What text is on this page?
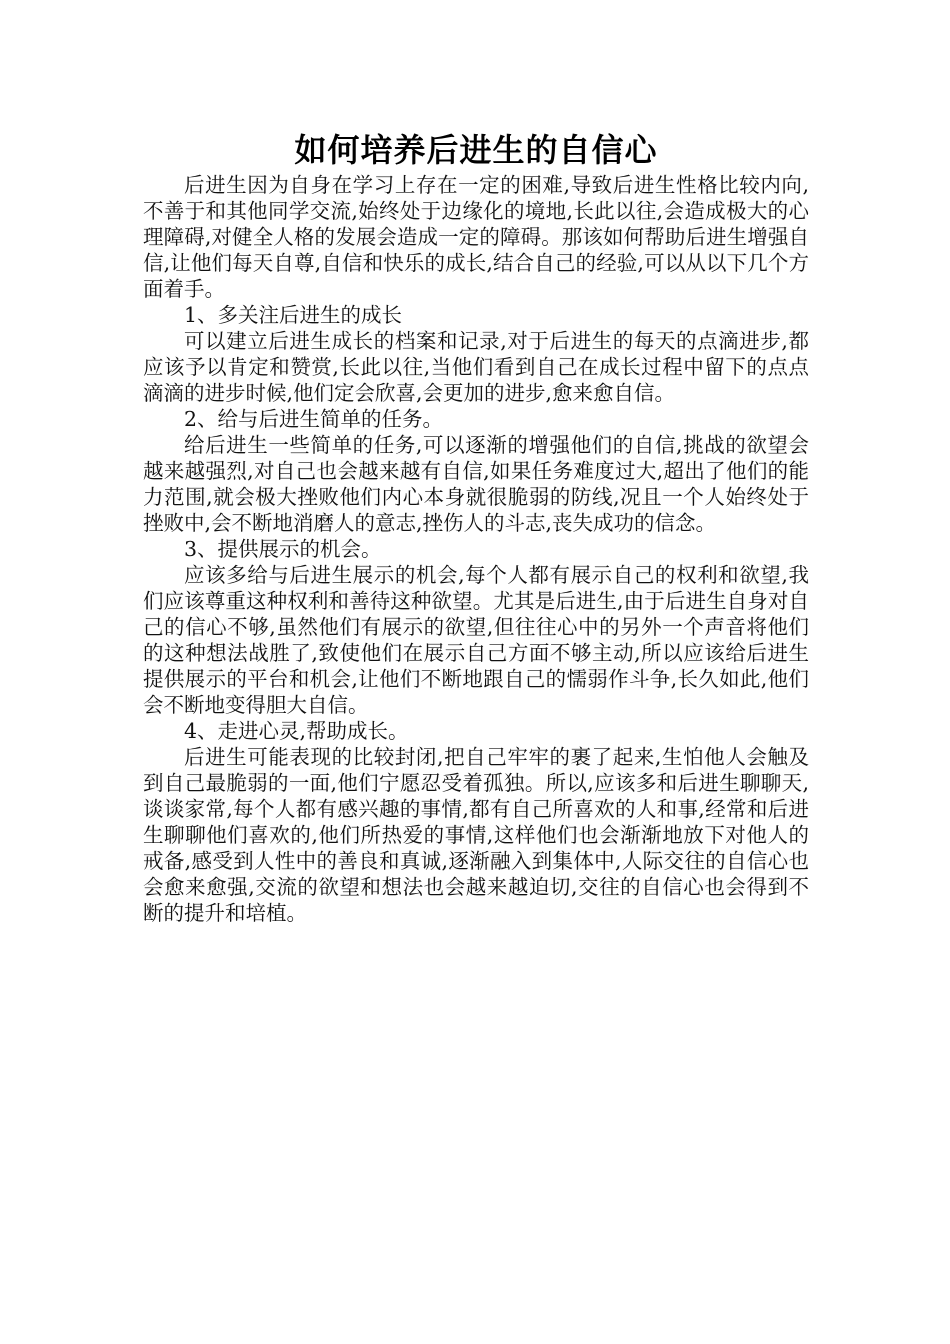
如何培养后进生的自信心

后进生因为自身在学习上存在一定的困难,导致后进生性格比较内向,不善于和其他同学交流,始终处于边缘化的境地,长此以往,会造成极大的心理障碍,对健全人格的发展会造成一定的障碍。那该如何帮助后进生增强自信,让他们每天自尊,自信和快乐的成长,结合自己的经验,可以从以下几个方面着手。

1、多关注后进生的成长

可以建立后进生成长的档案和记录,对于后进生的每天的点滴进步,都应该予以肯定和赞赏,长此以往,当他们看到自己在成长过程中留下的点点滴滴的进步时候,他们定会欣喜,会更加的进步,愈来愈自信。

2、给与后进生简单的任务。

给后进生一些简单的任务,可以逐渐的增强他们的自信,挑战的欲望会越来越强烈,对自己也会越来越有自信,如果任务难度过大,超出了他们的能力范围,就会极大挫败他们内心本身就很脆弱的防线,况且一个人始终处于挫败中,会不断地消磨人的意志,挫伤人的斗志,丧失成功的信念。

3、提供展示的机会。

应该多给与后进生展示的机会,每个人都有展示自己的权利和欲望,我们应该尊重这种权利和善待这种欲望。尤其是后进生,由于后进生自身对自己的信心不够,虽然他们有展示的欲望,但往往心中的另外一个声音将他们的这种想法战胜了,致使他们在展示自己方面不够主动,所以应该给后进生提供展示的平台和机会,让他们不断地跟自己的懦弱作斗争,长久如此,他们会不断地变得胆大自信。

4、走进心灵,帮助成长。

后进生可能表现的比较封闭,把自己牢牢的裹了起来,生怕他人会触及到自己最脆弱的一面,他们宁愿忍受着孤独。所以,应该多和后进生聊聊天,谈谈家常,每个人都有感兴趣的事情,都有自己所喜欢的人和事,经常和后进生聊聊他们喜欢的,他们所热爱的事情,这样他们也会渐渐地放下对他人的戒备,感受到人性中的善良和真诚,逐渐融入到集体中,人际交往的自信心也会愈来愈强,交流的欲望和想法也会越来越迫切,交往的自信心也会得到不断的提升和培植。
